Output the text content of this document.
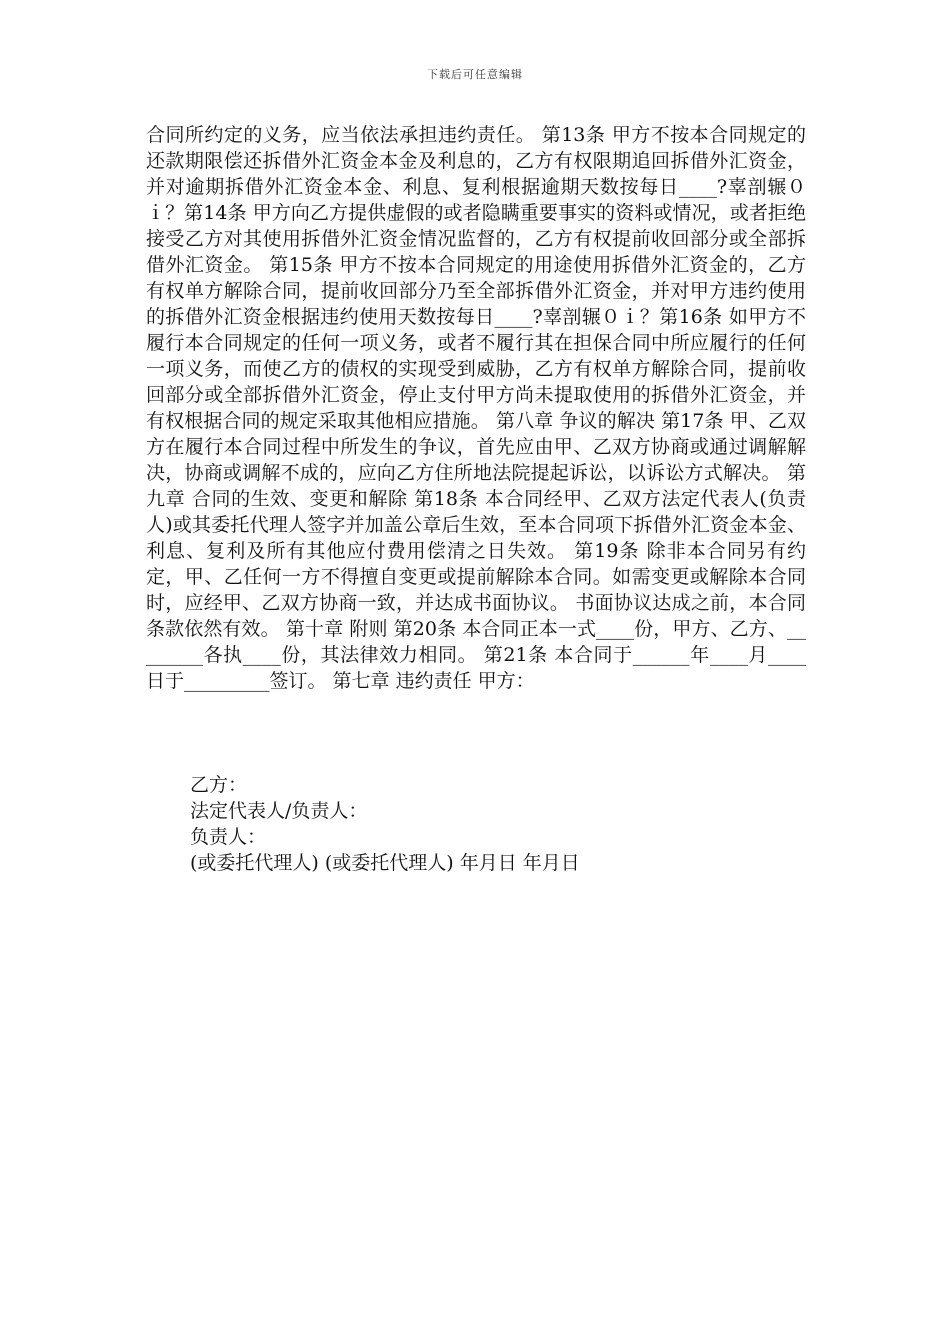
下载后可任意编辑

合同所约定的义务，应当依法承担违约责任。 第13条 甲方不按本合同规定的还款期限偿还拆借外汇资金本金及利息的，乙方有权限期追回拆借外汇资金，并对逾期拆借外汇资金本金、利息、复利根据逾期天数按每日____?辜剖辗０ｉ？第14条 甲方向乙方提供虚假的或者隐瞒重要事实的资料或情况，或者拒绝接受乙方对其使用拆借外汇资金情况监督的，乙方有权提前收回部分或全部拆借外汇资金。 第15条 甲方不按本合同规定的用途使用拆借外汇资金的，乙方有权单方解除合同，提前收回部分乃至全部拆借外汇资金，并对甲方违约使用的拆借外汇资金根据违约使用天数按每日____?辜剖辗０ｉ？第16条 如甲方不履行本合同规定的任何一项义务，或者不履行其在担保合同中所应履行的任何一项义务，而使乙方的债权的实现受到威胁，乙方有权单方解除合同，提前收回部分或全部拆借外汇资金，停止支付甲方尚未提取使用的拆借外汇资金，并有权根据合同的规定采取其他相应措施。 第八章 争议的解决 第17条 甲、乙双方在履行本合同过程中所发生的争议，首先应由甲、乙双方协商或通过调解解决，协商或调解不成的，应向乙方住所地法院提起诉讼，以诉讼方式解决。 第九章 合同的生效、变更和解除 第18条 本合同经甲、乙双方法定代表人(负责人)或其委托代理人签字并加盖公章后生效，至本合同项下拆借外汇资金本金、利息、复利及所有其他应付费用偿清之日失效。 第19条 除非本合同另有约定，甲、乙任何一方不得擅自变更或提前解除本合同。如需变更或解除本合同时，应经甲、乙双方协商一致，并达成书面协议。 书面协议达成之前，本合同条款依然有效。 第十章 附则 第20条 本合同正本一式____份，甲方、乙方、________各执____份，其法律效力相同。 第21条 本合同于______年____月____日于_________签订。 第七章 违约责任 甲方：

乙方：
法定代表人/负责人：
负责人：
(或委托代理人) (或委托代理人) 年月日 年月日
